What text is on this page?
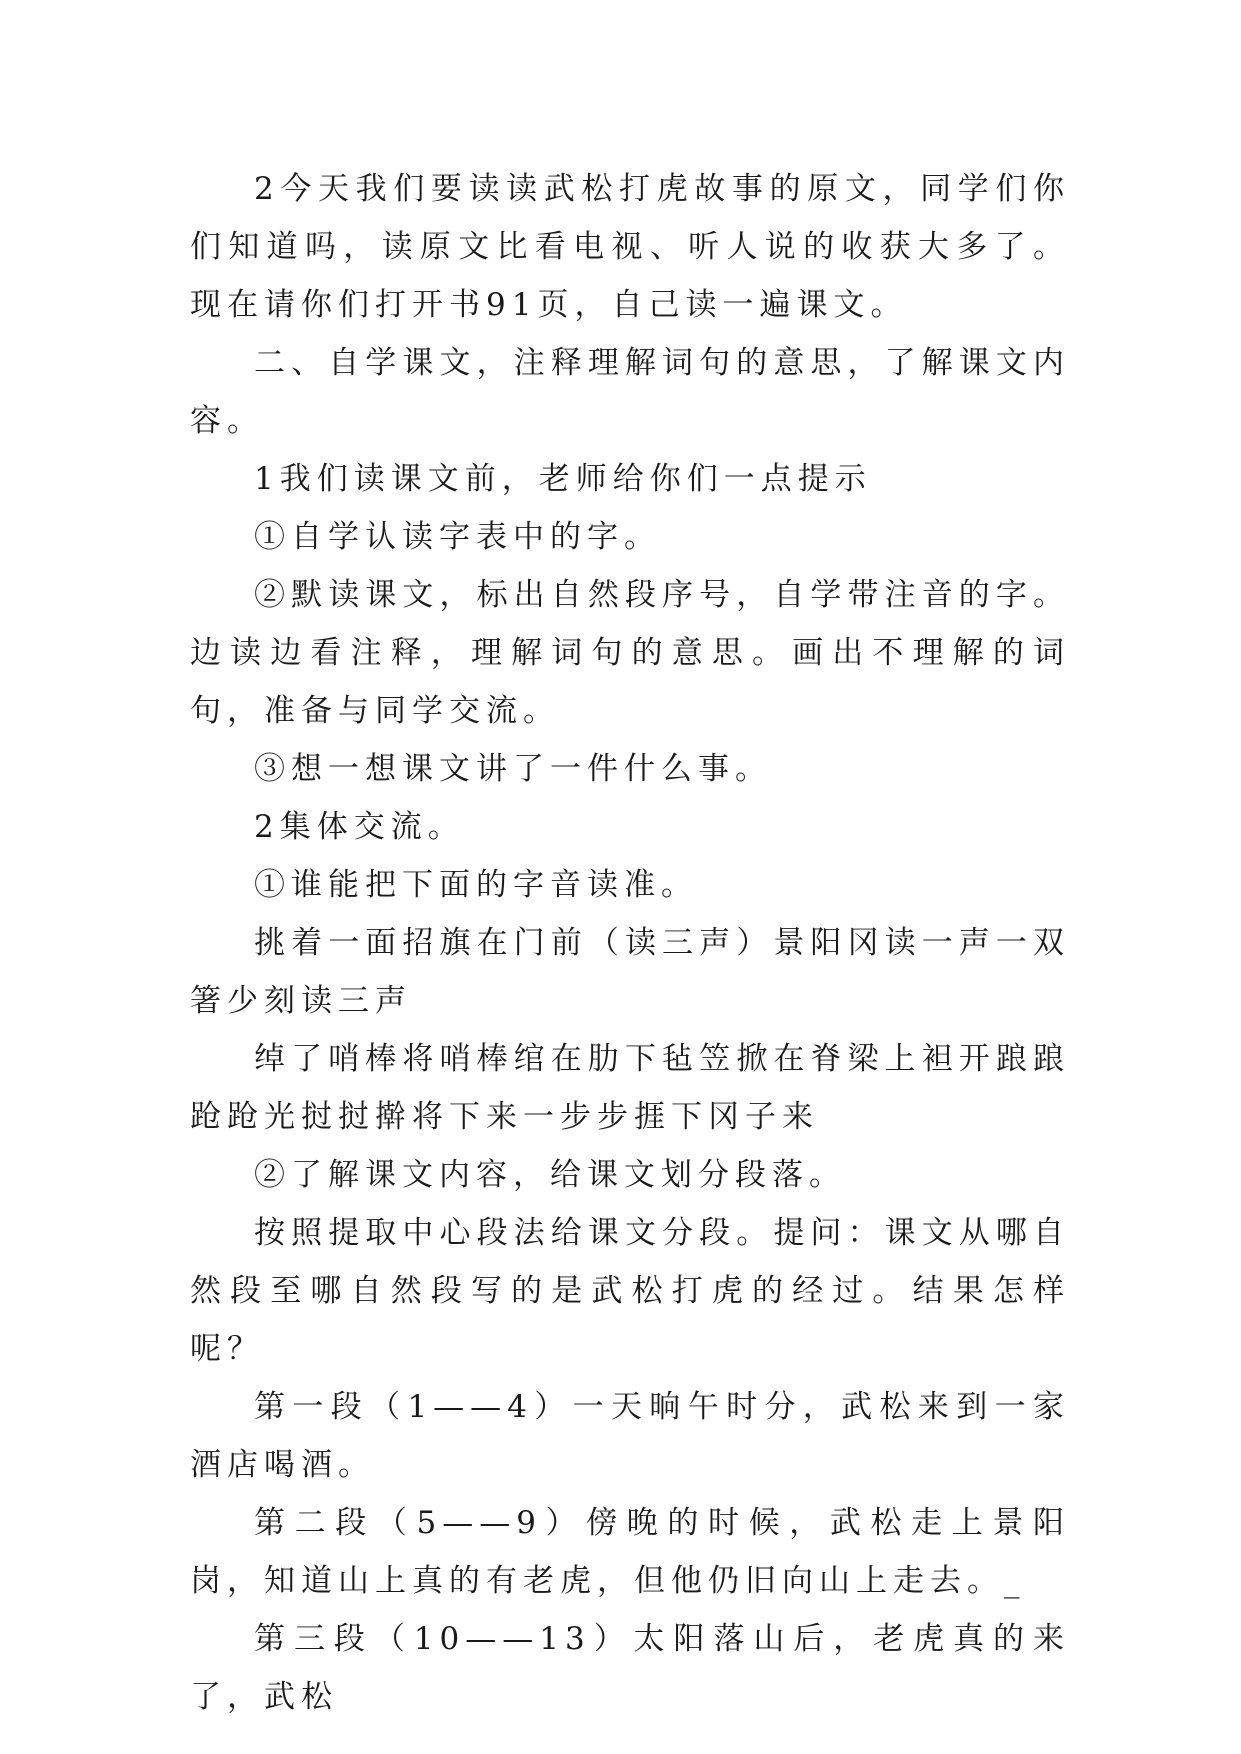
2今天我们要读读武松打虎故事的原文，同学们你们知道吗，读原文比看电视、听人说的收获大多了。现在请你们打开书91页，自己读一遍课文。

二、自学课文，注释理解词句的意思，了解课文内容。

1我们读课文前，老师给你们一点提示

①自学认读字表中的字。

②默读课文，标出自然段序号，自学带注音的字。边读边看注释，理解词句的意思。画出不理解的词句，准备与同学交流。

③想一想课文讲了一件什么事。

2集体交流。

①谁能把下面的字音读准。

挑着一面招旗在门前（读三声）景阳冈读一声一双箸少刻读三声

绰了哨棒将哨棒绾在肋下毡笠掀在脊梁上袒开踉踉跄跄光挝挝擀将下来一步步捱下冈子来

②了解课文内容，给课文划分段落。

按照提取中心段法给课文分段。提问：课文从哪自然段至哪自然段写的是武松打虎的经过。结果怎样呢？

第一段（1——4）一天晌午时分，武松来到一家酒店喝酒。

第二段（5——9）傍晚的时候，武松走上景阳岗，知道山上真的有老虎，但他仍旧向山上走去。_

第三段（10——13）太阳落山后，老虎真的来了，武松
